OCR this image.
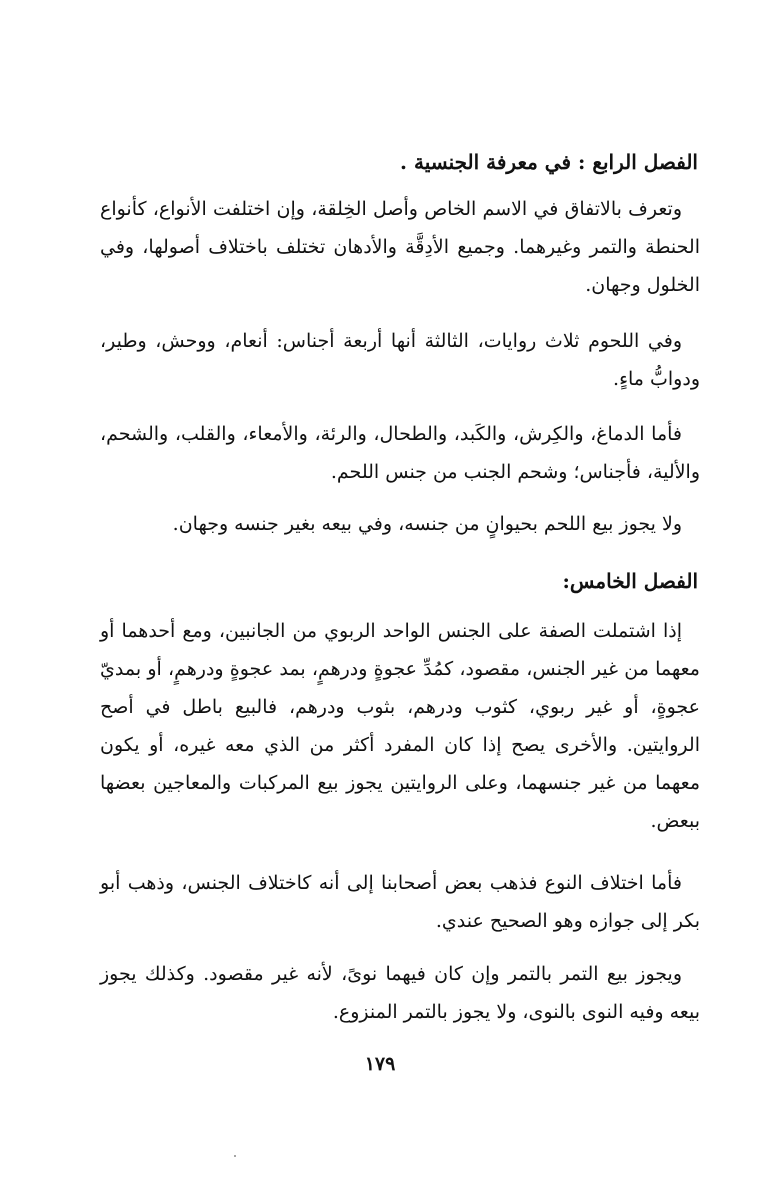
الفصل الرابع : في معرفة الجنسية .

وتعرف بالاتفاق في الاسم الخاص وأصل الخِلقة، وإن اختلفت الأنواع، كأنواع الحنطة والتمر وغيرهما. وجميع الأدِقَّة والأدهان تختلف باختلاف أصولها، وفي الخلول وجهان.

وفي اللحوم ثلاث روايات، الثالثة أنها أربعة أجناس: أنعام، ووحش، وطير، ودوابُّ ماءٍ.

فأما الدماغ، والكِرش، والكَبد، والطحال، والرئة، والأمعاء، والقلب، والشحم، والألية، فأجناس؛ وشحم الجنب من جنس اللحم.

ولا يجوز بيع اللحم بحيوانٍ من جنسه، وفي بيعه بغير جنسه وجهان.

الفصل الخامس:

إذا اشتملت الصفة على الجنس الواحد الربوي من الجانبين، ومع أحدهما أو معهما من غير الجنس، مقصود، كمُدِّ عجوةٍ ودرهمٍ، بمد عجوةٍ ودرهمٍ، أو بمديّ عجوةٍ، أو غير ربوي، كثوب ودرهم، بثوب ودرهم، فالبيع باطل في أصح الروايتين. والأخرى يصح إذا كان المفرد أكثر من الذي معه غيره، أو يكون معهما من غير جنسهما، وعلى الروايتين يجوز بيع المركبات والمعاجين بعضها ببعض.

فأما اختلاف النوع فذهب بعض أصحابنا إلى أنه كاختلاف الجنس، وذهب أبو بكر إلى جوازه وهو الصحيح عندي.

ويجوز بيع التمر بالتمر وإن كان فيهما نوىً، لأنه غير مقصود. وكذلك يجوز بيعه وفيه النوى بالنوى، ولا يجوز بالتمر المنزوع.

١٧٩
